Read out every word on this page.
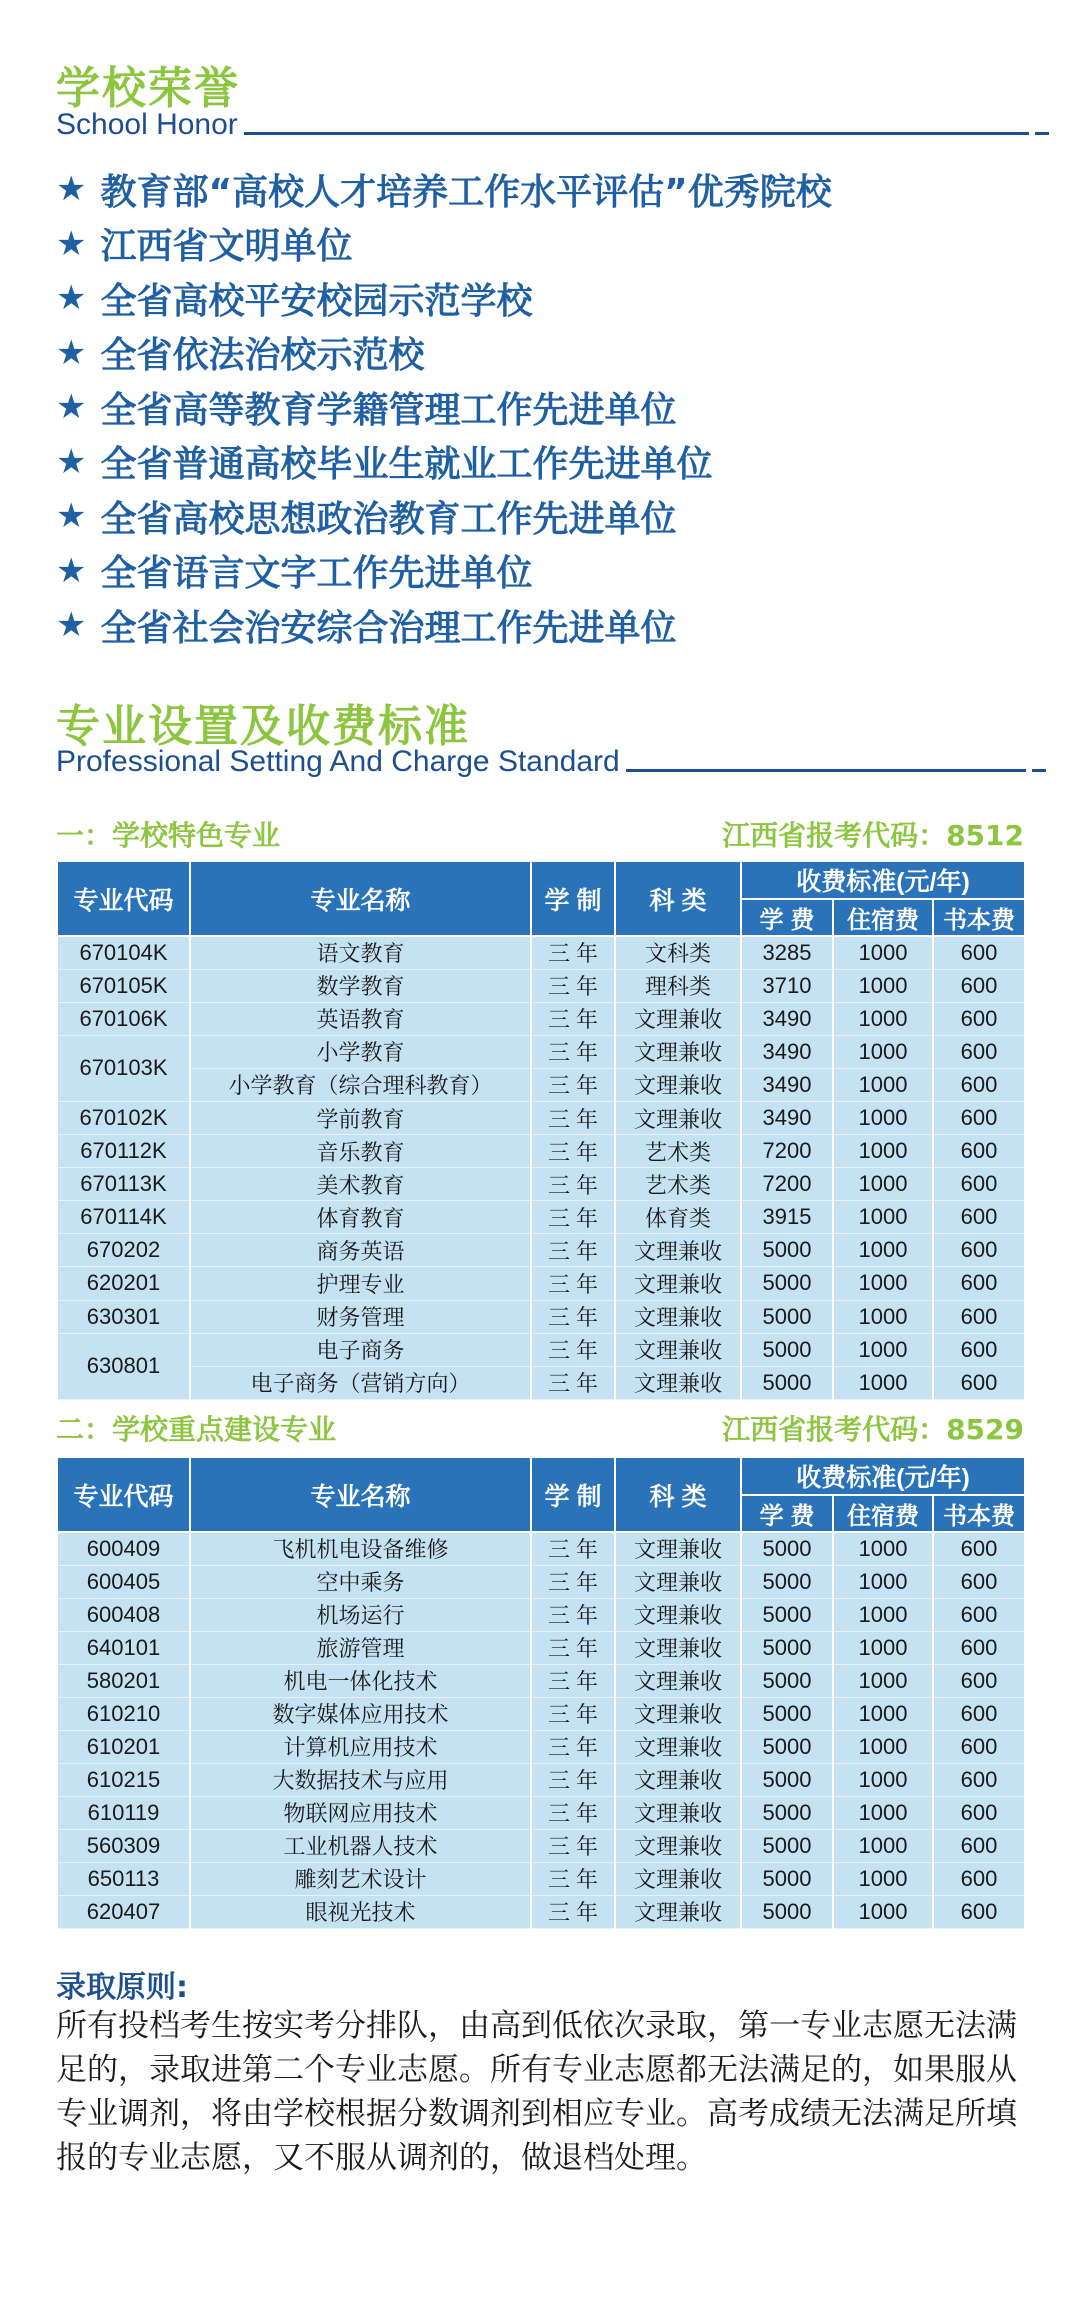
学校荣誉
School Honor
★ 教育部“高校人才培养工作水平评估”优秀院校
★ 江西省文明单位
★ 全省高校平安校园示范学校
★ 全省依法治校示范校
★ 全省高等教育学籍管理工作先进单位
★ 全省普通高校毕业生就业工作先进单位
★ 全省高校思想政治教育工作先进单位
★ 全省语言文字工作先进单位
★ 全省社会治安综合治理工作先进单位
专业设置及收费标准
Professional Setting And Charge Standard
一：学校特色专业	江西省报考代码：8512
专业代码	专业名称	学 制	科 类	收费标准(元/年)		
				学 费	住宿费	书本费
670104K	语文教育	三 年	文科类	3285	1000	600
670105K	数学教育	三 年	理科类	3710	1000	600
670106K	英语教育	三 年	文理兼收	3490	1000	600
670103K	小学教育	三 年	文理兼收	3490	1000	600
	小学教育（综合理科教育）	三 年	文理兼收	3490	1000	600
670102K	学前教育	三 年	文理兼收	3490	1000	600
670112K	音乐教育	三 年	艺术类	7200	1000	600
670113K	美术教育	三 年	艺术类	7200	1000	600
670114K	体育教育	三 年	体育类	3915	1000	600
670202	商务英语	三 年	文理兼收	5000	1000	600
620201	护理专业	三 年	文理兼收	5000	1000	600
630301	财务管理	三 年	文理兼收	5000	1000	600
630801	电子商务	三 年	文理兼收	5000	1000	600
	电子商务（营销方向）	三 年	文理兼收	5000	1000	600
二：学校重点建设专业	江西省报考代码：8529
专业代码	专业名称	学 制	科 类	收费标准(元/年)		
				学 费	住宿费	书本费
600409	飞机机电设备维修	三 年	文理兼收	5000	1000	600
600405	空中乘务	三 年	文理兼收	5000	1000	600
600408	机场运行	三 年	文理兼收	5000	1000	600
640101	旅游管理	三 年	文理兼收	5000	1000	600
580201	机电一体化技术	三 年	文理兼收	5000	1000	600
610210	数字媒体应用技术	三 年	文理兼收	5000	1000	600
610201	计算机应用技术	三 年	文理兼收	5000	1000	600
610215	大数据技术与应用	三 年	文理兼收	5000	1000	600
610119	物联网应用技术	三 年	文理兼收	5000	1000	600
560309	工业机器人技术	三 年	文理兼收	5000	1000	600
650113	雕刻艺术设计	三 年	文理兼收	5000	1000	600
620407	眼视光技术	三 年	文理兼收	5000	1000	600
录取原则:

所有投档考生按实考分排队，由高到低依次录取，第一专业志愿无法满足的，录取进第二个专业志愿。所有专业志愿都无法满足的，如果服从专业调剂，将由学校根据分数调剂到相应专业。高考成绩无法满足所填报的专业志愿，又不服从调剂的，做退档处理。
